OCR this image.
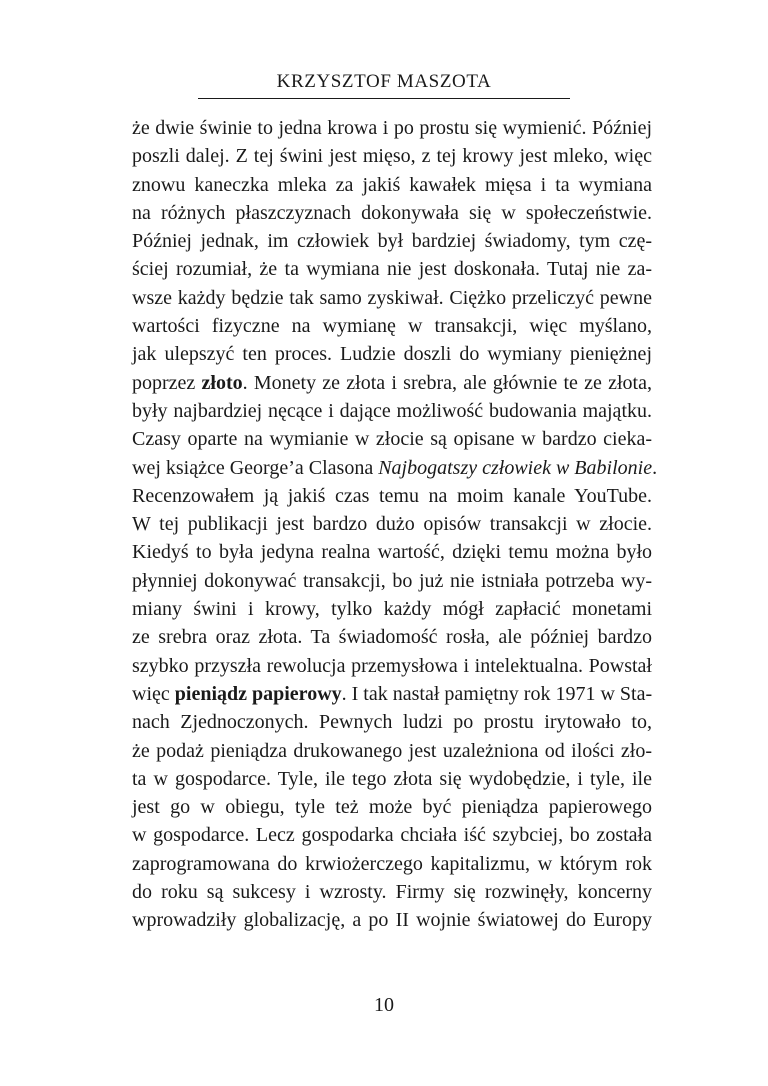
KRZYSZTOF MASZOTA
że dwie świnie to jedna krowa i po prostu się wymienić. Później
poszli dalej. Z tej świni jest mięso, z tej krowy jest mleko, więc
znowu kaneczka mleka za jakiś kawałek mięsa i ta wymiana
na różnych płaszczyznach dokonywała się w społeczeństwie.
Później jednak, im człowiek był bardziej świadomy, tym czę-
ściej rozumiał, że ta wymiana nie jest doskonała. Tutaj nie za-
wsze każdy będzie tak samo zyskiwał. Ciężko przeliczyć pewne
wartości fizyczne na wymianę w transakcji, więc myślano,
jak ulepszyć ten proces. Ludzie doszli do wymiany pieniężnej
poprzez złoto. Monety ze złota i srebra, ale głównie te ze złota,
były najbardziej nęcące i dające możliwość budowania majątku.
Czasy oparte na wymianie w złocie są opisane w bardzo cieka-
wej książce George’a Clasona Najbogatszy człowiek w Babilonie.
Recenzowałem ją jakiś czas temu na moim kanale YouTube.
W tej publikacji jest bardzo dużo opisów transakcji w złocie.
Kiedyś to była jedyna realna wartość, dzięki temu można było
płynniej dokonywać transakcji, bo już nie istniała potrzeba wy-
miany świni i krowy, tylko każdy mógł zapłacić monetami
ze srebra oraz złota. Ta świadomość rosła, ale później bardzo
szybko przyszła rewolucja przemysłowa i intelektualna. Powstał
więc pieniądz papierowy. I tak nastał pamiętny rok 1971 w Sta-
nach Zjednoczonych. Pewnych ludzi po prostu irytowało to,
że podaż pieniądza drukowanego jest uzależniona od ilości zło-
ta w gospodarce. Tyle, ile tego złota się wydobędzie, i tyle, ile
jest go w obiegu, tyle też może być pieniądza papierowego
w gospodarce. Lecz gospodarka chciała iść szybciej, bo została
zaprogramowana do krwiożerczego kapitalizmu, w którym rok
do roku są sukcesy i wzrosty. Firmy się rozwinęły, koncerny
wprowadziły globalizację, a po II wojnie światowej do Europy
10
